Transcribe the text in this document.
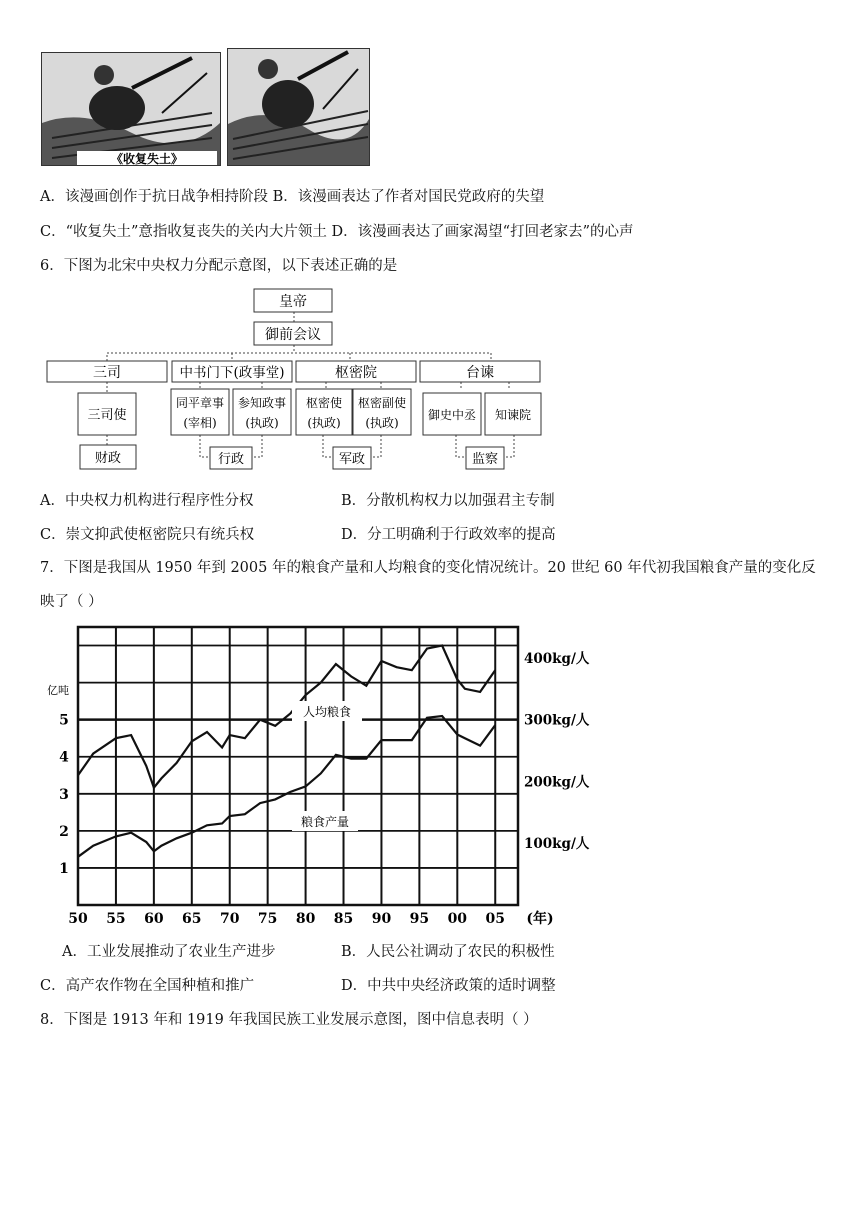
《收复失土》
A．该漫画创作于抗日战争相持阶段 B．该漫画表达了作者对国民党政府的失望
C．“收复失土”意指收复丧失的关内大片领土 D．该漫画表达了画家渴望“打回老家去”的心声
6．下图为北宋中央权力分配示意图，以下表述正确的是
皇帝
御前会议
三司	中书门下(政事堂)	枢密院	台谏
三司使
同平章事
(宰相)
参知政事
(执政)
枢密使
(执政)
枢密副使
(执政)
御史中丞 知谏院
财政	行政	军政	监察
A．中央权力机构进行程序性分权	B．分散机构权力以加强君主专制
C．崇文抑武使枢密院只有统兵权	D．分工明确利于行政效率的提高
7．下图是我国从 1950 年到 2005 年的粮食产量和人均粮食的变化情况统计。20 世纪 60 年代初我国粮食产量的变化反
映了（ ）
50 55 60 65 70 75 80 85 90 95 00 05 (年)
1
2
3
4
5
亿吨
100kg/人
200kg/人
300kg/人
400kg/人
人均粮食
粮食产量
A．工业发展推动了农业生产进步	B．人民公社调动了农民的积极性
C．高产农作物在全国种植和推广	D．中共中央经济政策的适时调整
8．下图是 1913 年和 1919 年我国民族工业发展示意图，图中信息表明（ ）
